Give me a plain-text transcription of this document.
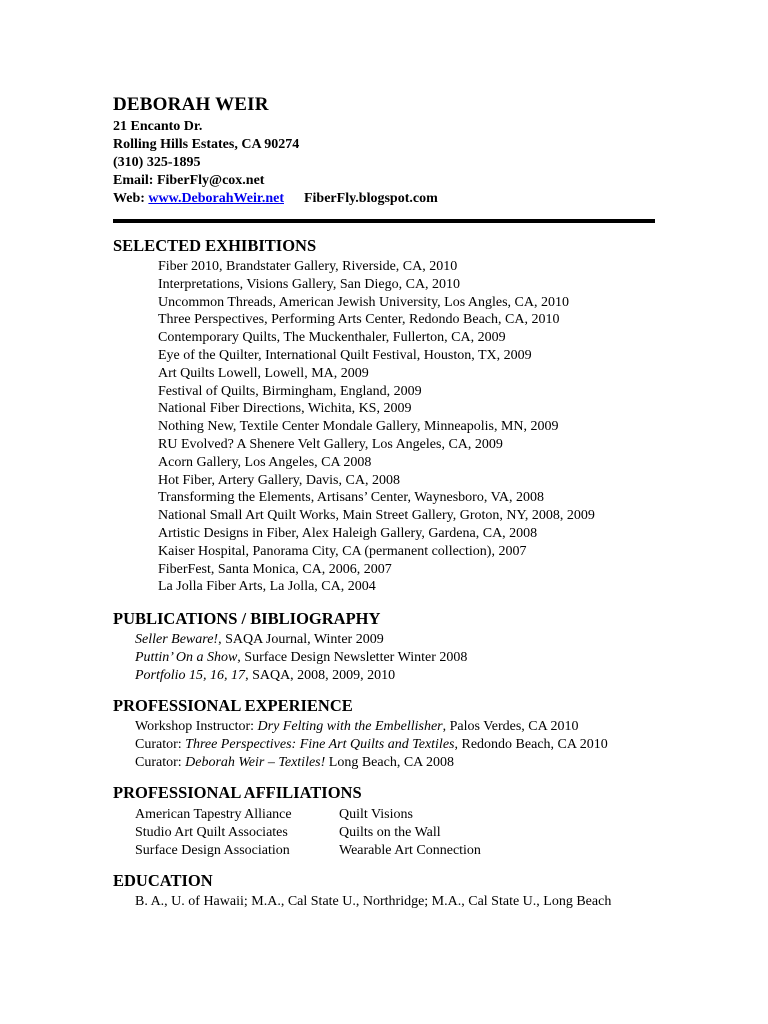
DEBORAH WEIR
21 Encanto Dr.
Rolling Hills Estates, CA 90274
(310) 325-1895
Email: FiberFly@cox.net
Web: www.DeborahWeir.net FiberFly.blogspot.com
SELECTED EXHIBITIONS
Fiber 2010, Brandstater Gallery, Riverside, CA, 2010
Interpretations, Visions Gallery, San Diego, CA, 2010
Uncommon Threads, American Jewish University, Los Angles, CA, 2010
Three Perspectives, Performing Arts Center, Redondo Beach, CA, 2010
Contemporary Quilts, The Muckenthaler, Fullerton, CA, 2009
Eye of the Quilter, International Quilt Festival, Houston, TX, 2009
Art Quilts Lowell, Lowell, MA, 2009
Festival of Quilts, Birmingham, England, 2009
National Fiber Directions, Wichita, KS, 2009
Nothing New, Textile Center Mondale Gallery, Minneapolis, MN, 2009
RU Evolved? A Shenere Velt Gallery, Los Angeles, CA, 2009
Acorn Gallery, Los Angeles, CA 2008
Hot Fiber, Artery Gallery, Davis, CA, 2008
Transforming the Elements, Artisans’ Center, Waynesboro, VA, 2008
National Small Art Quilt Works, Main Street Gallery, Groton, NY, 2008, 2009
Artistic Designs in Fiber, Alex Haleigh Gallery, Gardena, CA, 2008
Kaiser Hospital, Panorama City, CA (permanent collection), 2007
FiberFest, Santa Monica, CA, 2006, 2007
La Jolla Fiber Arts, La Jolla, CA, 2004
PUBLICATIONS / BIBLIOGRAPHY
Seller Beware!, SAQA Journal, Winter 2009
Puttin’ On a Show, Surface Design Newsletter Winter 2008
Portfolio 15, 16, 17, SAQA, 2008, 2009, 2010
PROFESSIONAL EXPERIENCE
Workshop Instructor: Dry Felting with the Embellisher, Palos Verdes, CA 2010
Curator: Three Perspectives: Fine Art Quilts and Textiles, Redondo Beach, CA 2010
Curator: Deborah Weir – Textiles! Long Beach, CA 2008
PROFESSIONAL AFFILIATIONS
American Tapestry Alliance
Studio Art Quilt Associates
Surface Design Association
Quilt Visions
Quilts on the Wall
Wearable Art Connection
EDUCATION
B. A., U. of Hawaii; M.A., Cal State U., Northridge; M.A., Cal State U., Long Beach
